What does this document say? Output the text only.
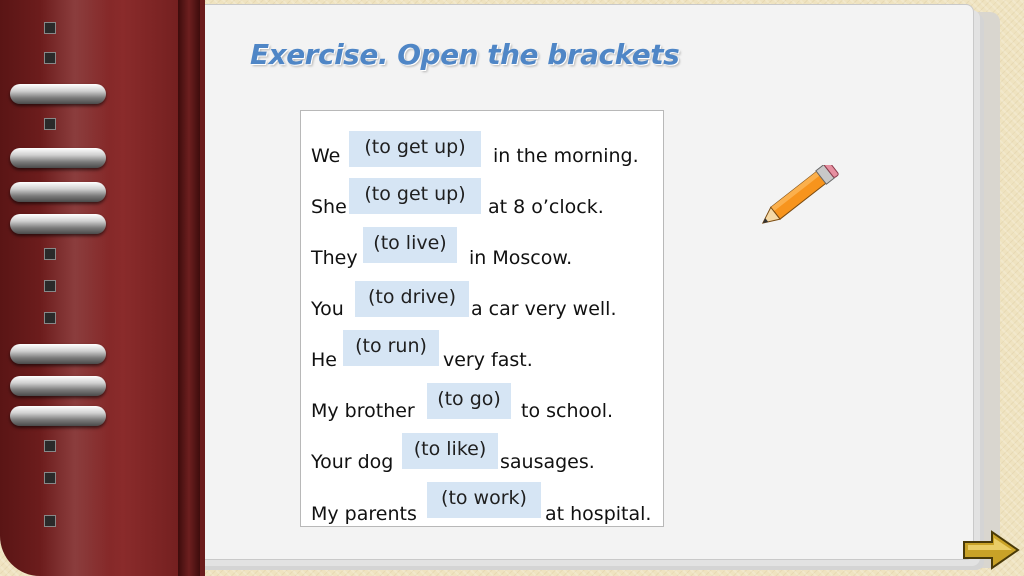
Exercise. Open the brackets
We	in the morning.
(to get up)
She	at 8 o’clock.
(to get up)
They	in Moscow.
(to live)
You	a car very well.
(to drive)
He	very fast.
(to run)
My brother	to school.
(to go)
Your dog	sausages.
(to like)
My parents	at hospital.
(to work)
